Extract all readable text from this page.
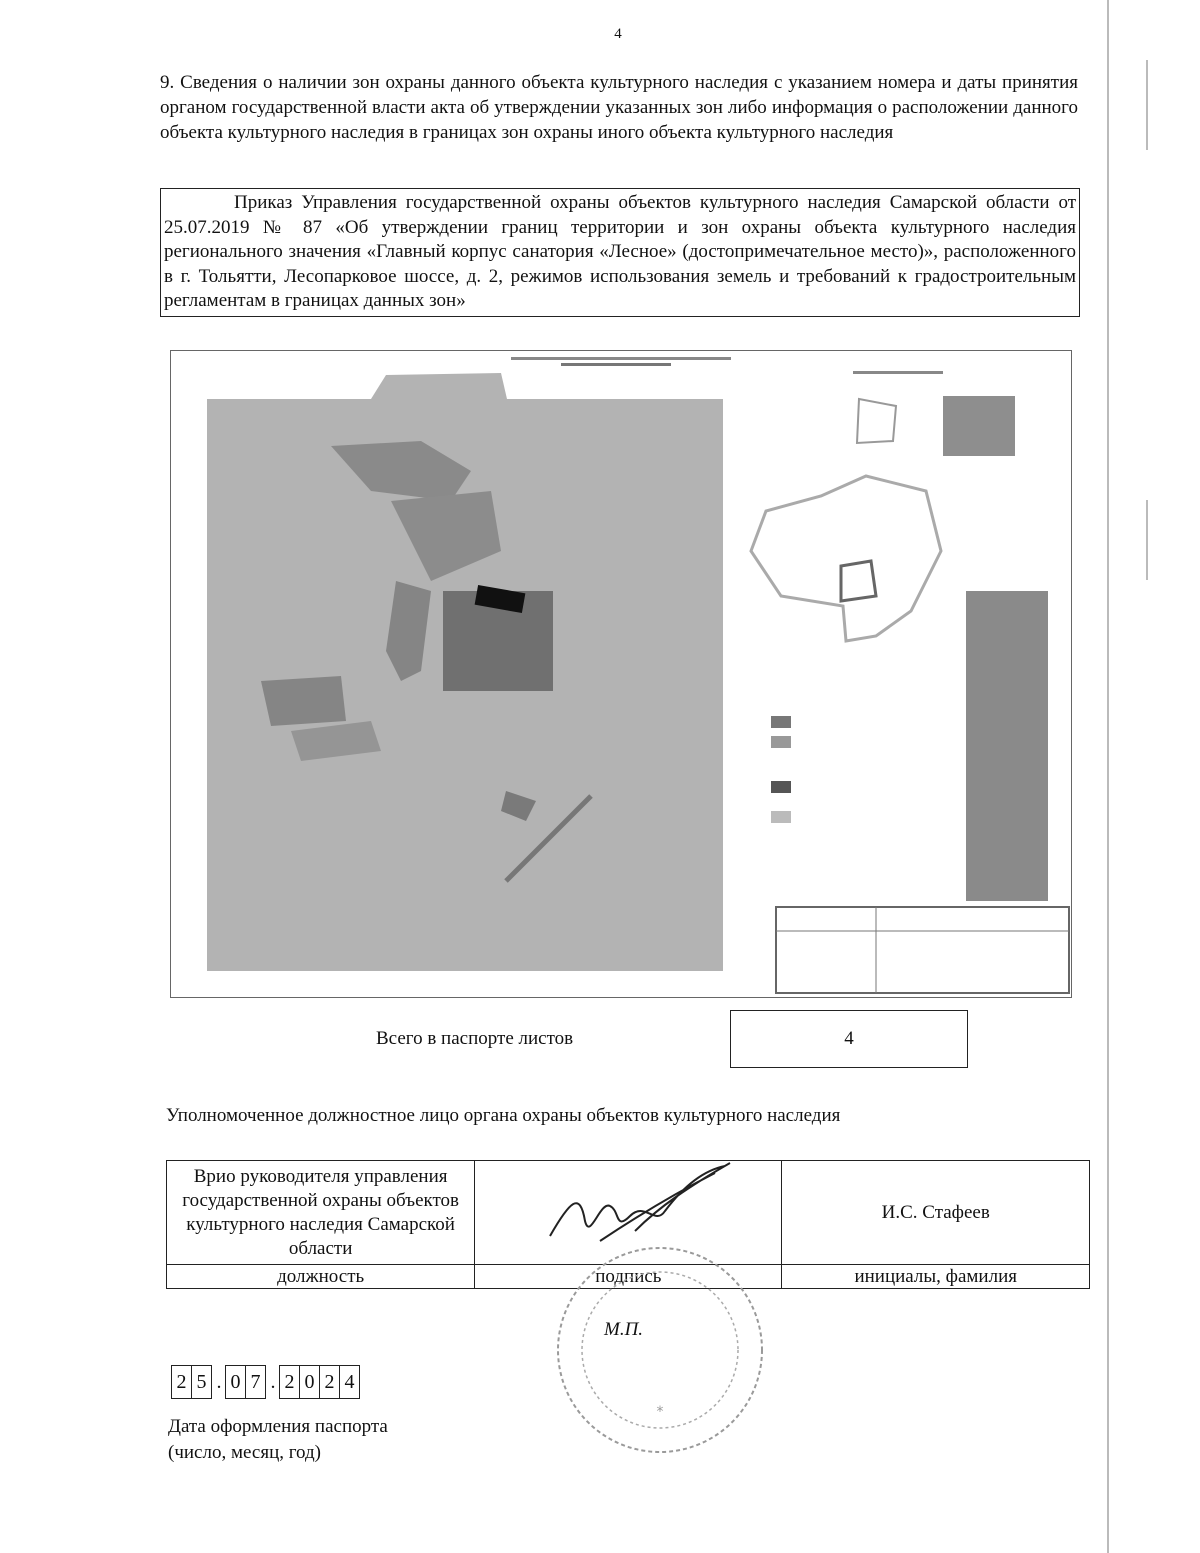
4
9. Сведения о наличии зон охраны данного объекта культурного наследия с указанием номера и даты принятия органом государственной власти акта об утверждении указанных зон либо информация о расположении данного объекта культурного наследия в границах зон охраны иного объекта культурного наследия
Приказ Управления государственной охраны объектов культурного наследия Самарской области от 25.07.2019 № 87 «Об утверждении границ территории и зон охраны объекта культурного наследия регионального значения «Главный корпус санатория «Лесное» (достопримечательное место)», расположенного в г. Тольятти, Лесопарковое шоссе, д. 2, режимов использования земель и требований к градостроительным регламентам в границах данных зон»
Всего в паспорте листов	4
Уполномоченное должностное лицо органа охраны объектов культурного наследия
Врио руководителя управления государственной охраны объектов культурного наследия Самарской области		И.С. Стафеев
должность	подпись	инициалы, фамилия
*
М.П.
2 5 . 0 7 . 2 0 2 4
Дата оформления паспорта
(число, месяц, год)
